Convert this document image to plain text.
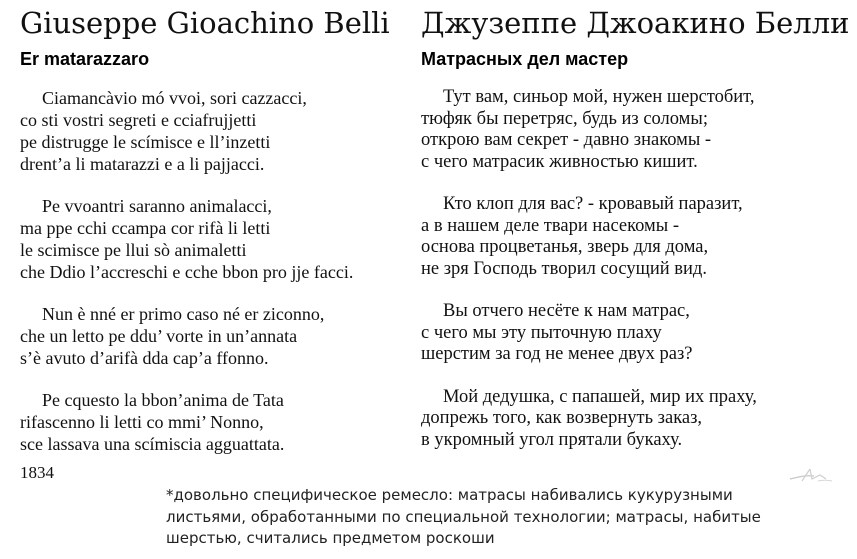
Giuseppe Gioachino Belli
Er matarazzaro
Ciamancàvio mó vvoi, sori cazzacci,
co sti vostri segreti e cciafrujjetti
pe distrugge le scímisce e ll’inzetti
drent’a li matarazzi e a li pajjacci.
Pe vvoantri saranno animalacci,
ma ppe cchi ccampa cor rifà li letti
le scimisce pe llui sò animaletti
che Ddio l’accreschi e cche bbon pro jje facci.
Nun è nné er primo caso né er ziconno,
che un letto pe ddu’ vorte in un’annata
s’è avuto d’arifà dda cap’a ffonno.
Pe cquesto la bbon’anima de Tata
rifascenno li letti co mmi’ Nonno,
sce lassava una scímiscia agguattata.
Джузеппе Джоакино Белли
Матрасных дел мастер
Тут вам, синьор мой, нужен шерстобит,
тюфяк бы перетряс, будь из соломы;
открою вам секрет - давно знакомы -
с чего матрасик живностью кишит.
Кто клоп для вас? - кровавый паразит,
а в нашем деле твари насекомы -
основа процветанья, зверь для дома,
не зря Господь творил сосущий вид.
Вы отчего несёте к нам матрас,
с чего мы эту пыточную плаху
шерстим за год не менее двух раз?
Мой дедушка, с папашей, мир их праху,
допрежь того, как возвернуть заказ,
в укромный угол прятали букаху.
1834
*довольно специфическое ремесло: матрасы набивались кукурузными
листьями, обработанными по специальной технологии; матрасы, набитые
шерстью, считались предметом роскоши
